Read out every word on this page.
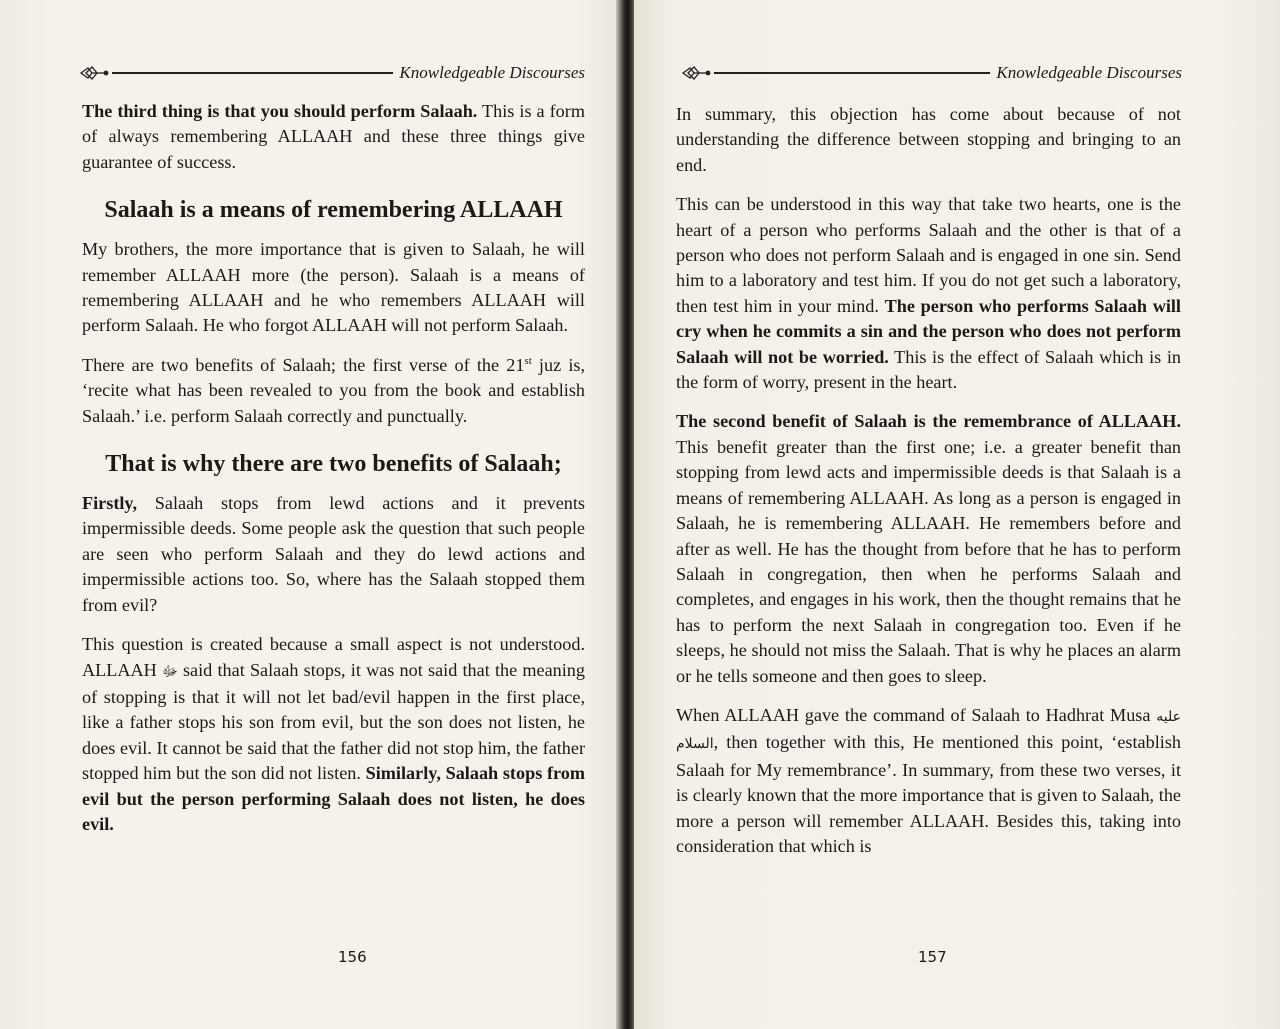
Knowledgeable Discourses

The third thing is that you should perform Salaah. This is a form of always remembering ALLAAH and these three things give guarantee of success.

Salaah is a means of remembering ALLAAH

My brothers, the more importance that is given to Salaah, he will remember ALLAAH more (the person). Salaah is a means of remembering ALLAAH and he who remembers ALLAAH will perform Salaah. He who forgot ALLAAH will not perform Salaah.

There are two benefits of Salaah; the first verse of the 21st juz is, ‘recite what has been revealed to you from the book and establish Salaah.’ i.e. perform Salaah correctly and punctually.

That is why there are two benefits of Salaah;

Firstly, Salaah stops from lewd actions and it prevents impermissible deeds. Some people ask the question that such people are seen who perform Salaah and they do lewd actions and impermissible actions too. So, where has the Salaah stopped them from evil?

This question is created because a small aspect is not understood. ALLAAH ﷻ said that Salaah stops, it was not said that the meaning of stopping is that it will not let bad/evil happen in the first place, like a father stops his son from evil, but the son does not listen, he does evil. It cannot be said that the father did not stop him, the father stopped him but the son did not listen. Similarly, Salaah stops from evil but the person performing Salaah does not listen, he does evil.

156
Knowledgeable Discourses

In summary, this objection has come about because of not understanding the difference between stopping and bringing to an end.

This can be understood in this way that take two hearts, one is the heart of a person who performs Salaah and the other is that of a person who does not perform Salaah and is engaged in one sin. Send him to a laboratory and test him. If you do not get such a laboratory, then test him in your mind. The person who performs Salaah will cry when he commits a sin and the person who does not perform Salaah will not be worried. This is the effect of Salaah which is in the form of worry, present in the heart.

The second benefit of Salaah is the remembrance of ALLAAH. This benefit greater than the first one; i.e. a greater benefit than stopping from lewd acts and impermissible deeds is that Salaah is a means of remembering ALLAAH. As long as a person is engaged in Salaah, he is remembering ALLAAH. He remembers before and after as well. He has the thought from before that he has to perform Salaah in congregation, then when he performs Salaah and completes, and engages in his work, then the thought remains that he has to perform the next Salaah in congregation too. Even if he sleeps, he should not miss the Salaah. That is why he places an alarm or he tells someone and then goes to sleep.

When ALLAAH gave the command of Salaah to Hadhrat Musa عليه السلام, then together with this, He mentioned this point, ‘establish Salaah for My remembrance’. In summary, from these two verses, it is clearly known that the more importance that is given to Salaah, the more a person will remember ALLAAH. Besides this, taking into consideration that which is

157
